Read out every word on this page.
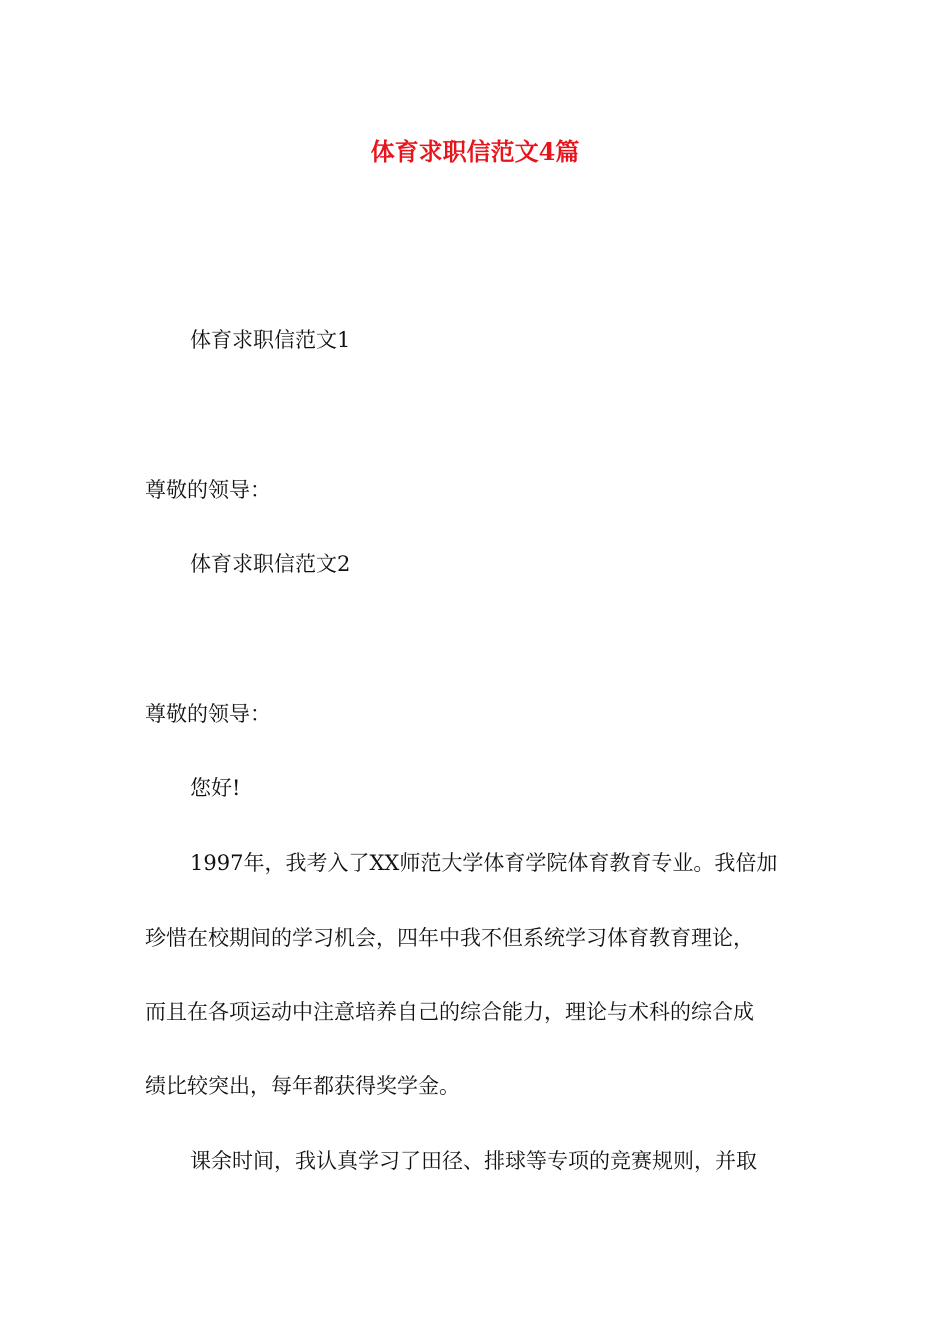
体育求职信范文4篇
体育求职信范文1
尊敬的领导：
体育求职信范文2
尊敬的领导：
您好!
1997年，我考入了XX师范大学体育学院体育教育专业。我倍加
珍惜在校期间的学习机会，四年中我不但系统学习体育教育理论，
而且在各项运动中注意培养自己的综合能力，理论与术科的综合成
绩比较突出，每年都获得奖学金。
课余时间，我认真学习了田径、排球等专项的竞赛规则，并取
